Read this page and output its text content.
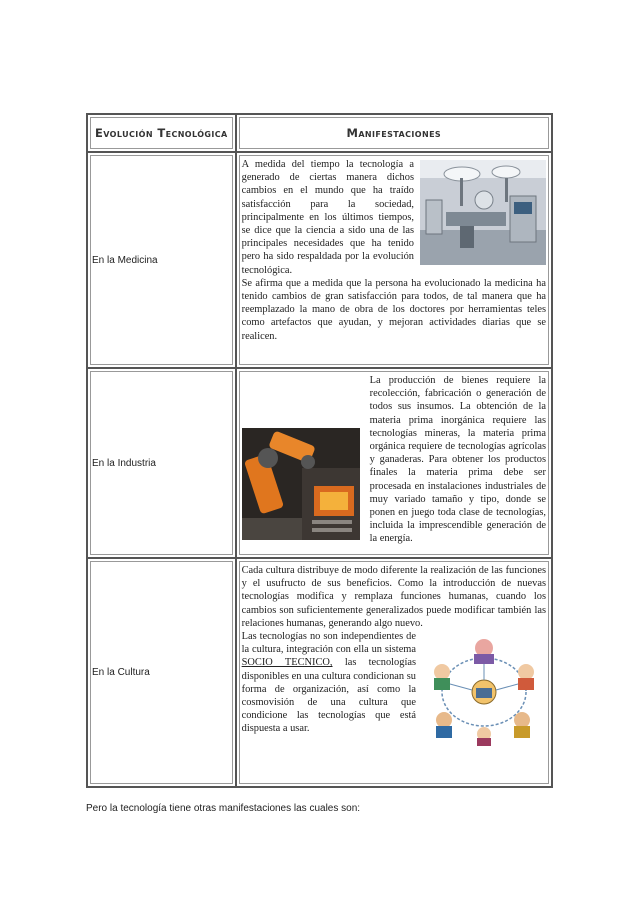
Evolución Tecnológica	Manifestaciones

En la Medicina	A medida del tiempo la tecnología a generado de ciertas manera dichos cambios en el mundo que ha traído satisfacción para la sociedad, principalmente en los últimos tiempos, se dice que la ciencia a sido una de las principales necesidades que ha tenido pero ha sido respaldada por la evolución tecnológica.

Se afirma que a medida que la persona ha evolucionado la medicina ha tenido cambios de gran satisfacción para todos, de tal manera que ha reemplazado la mano de obra de los doctores por herramientas teles como artefactos que ayudan, y mejoran actividades diarias que se realicen.

En la Industria	La producción de bienes requiere la recolección, fabricación o generación de todos sus insumos. La obtención de la materia prima inorgánica requiere las tecnologías mineras, la materia prima orgánica requiere de tecnologías agrícolas y ganaderas. Para obtener los productos finales la materia prima debe ser procesada en instalaciones industriales de muy variado tamaño y tipo, donde se ponen en juego toda clase de tecnologías, incluida la imprescendible generación de la energía.

En la Cultura	Cada cultura distribuye de modo diferente la realización de las funciones y el usufructo de sus beneficios. Como la introducción de nuevas tecnologías modifica y remplaza funciones humanas, cuando los cambios son suficientemente generalizados puede modificar también las relaciones humanas, generando algo nuevo.

Las tecnologías no son independientes de la cultura, integración con ella un sistema SOCIO TECNICO, las tecnologías disponibles en una cultura condicionan su forma de organización, así como la cosmovisión de una cultura que condicione las tecnologías que está dispuesta a usar.

Pero la tecnología tiene otras manifestaciones las cuales son:
